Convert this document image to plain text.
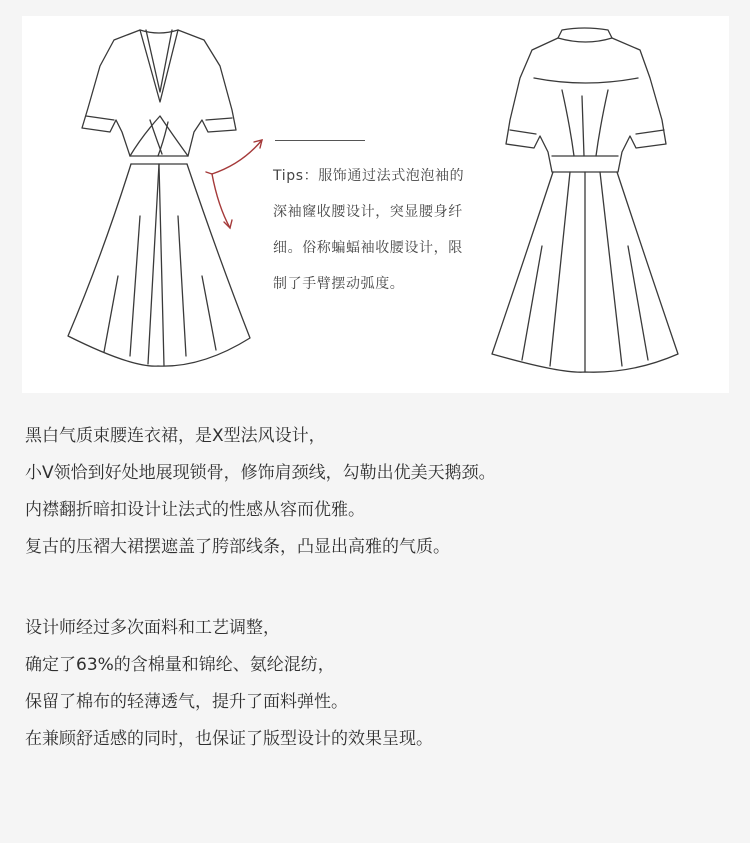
Tips：服饰通过法式泡泡袖的
深袖窿收腰设计，突显腰身纤
细。俗称蝙蝠袖收腰设计，限
制了手臂摆动弧度。
黑白气质束腰连衣裙，是X型法风设计，
小V领恰到好处地展现锁骨，修饰肩颈线，勾勒出优美天鹅颈。
内襟翻折暗扣设计让法式的性感从容而优雅。
复古的压褶大裙摆遮盖了胯部线条，凸显出高雅的气质。
设计师经过多次面料和工艺调整，
确定了63%的含棉量和锦纶、氨纶混纺，
保留了棉布的轻薄透气，提升了面料弹性。
在兼顾舒适感的同时，也保证了版型设计的效果呈现。
